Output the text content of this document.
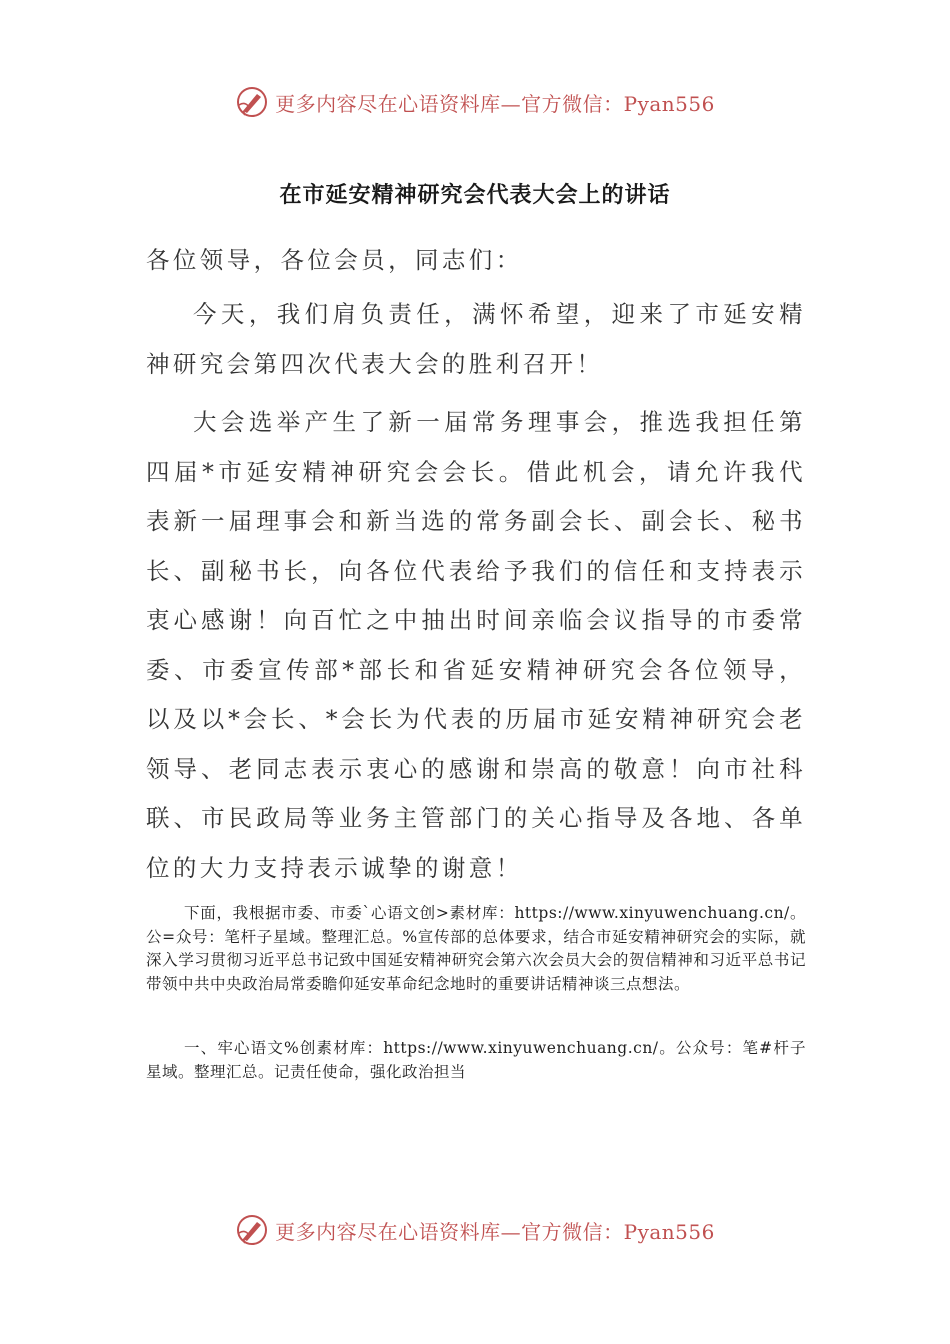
更多内容尽在心语资料库—官方微信：Pyan556
在市延安精神研究会代表大会上的讲话
各位领导，各位会员，同志们：

今天，我们肩负责任，满怀希望，迎来了市延安精神研究会第四次代表大会的胜利召开！

大会选举产生了新一届常务理事会，推选我担任第四届*市延安精神研究会会长。借此机会，请允许我代表新一届理事会和新当选的常务副会长、副会长、秘书长、副秘书长，向各位代表给予我们的信任和支持表示衷心感谢！向百忙之中抽出时间亲临会议指导的市委常委、市委宣传部*部长和省延安精神研究会各位领导，以及以*会长、*会长为代表的历届市延安精神研究会老领导、老同志表示衷心的感谢和崇高的敬意！向市社科联、市民政局等业务主管部门的关心指导及各地、各单位的大力支持表示诚挚的谢意！

下面，我根据市委、市委`心语文创>素材库：https://www.xinyuwenchuang.cn/。公=众号：笔杆子星域。整理汇总。%宣传部的总体要求，结合市延安精神研究会的实际，就深入学习贯彻习近平总书记致中国延安精神研究会第六次会员大会的贺信精神和习近平总书记带领中共中央政治局常委瞻仰延安革命纪念地时的重要讲话精神谈三点想法。

一、牢心语文%创素材库：https://www.xinyuwenchuang.cn/。公众号：笔#杆子星域。整理汇总。记责任使命，强化政治担当

更多内容尽在心语资料库—官方微信：Pyan556
